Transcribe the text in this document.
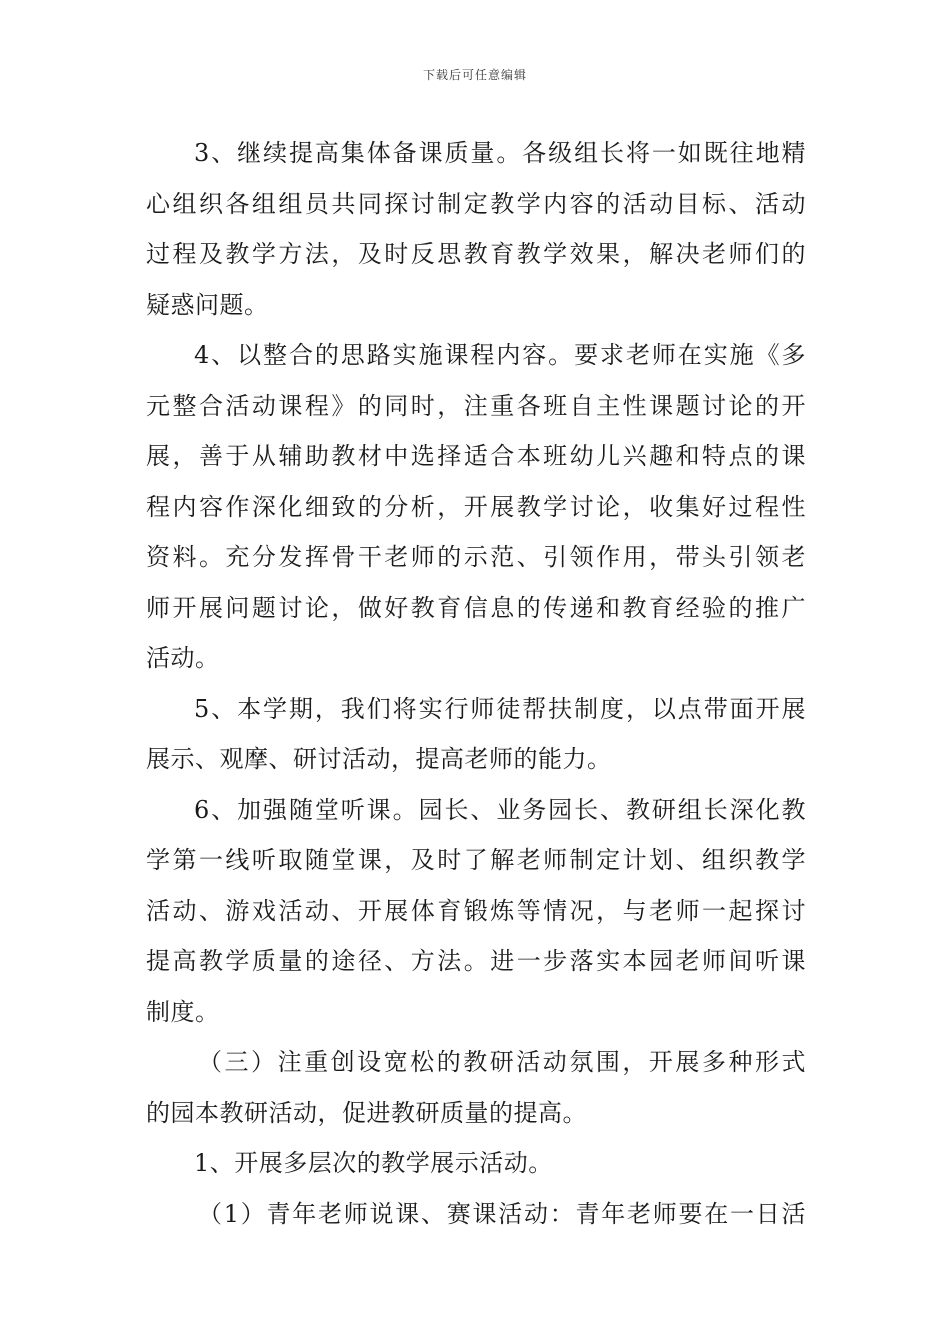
下载后可任意编辑
3、继续提高集体备课质量。各级组长将一如既往地精
心组织各组组员共同探讨制定教学内容的活动目标、活动
过程及教学方法，及时反思教育教学效果，解决老师们的
疑惑问题。
4、以整合的思路实施课程内容。要求老师在实施《多
元整合活动课程》的同时，注重各班自主性课题讨论的开
展，善于从辅助教材中选择适合本班幼儿兴趣和特点的课
程内容作深化细致的分析，开展教学讨论，收集好过程性
资料。充分发挥骨干老师的示范、引领作用，带头引领老
师开展问题讨论，做好教育信息的传递和教育经验的推广
活动。
5、本学期，我们将实行师徒帮扶制度，以点带面开展
展示、观摩、研讨活动，提高老师的能力。
6、加强随堂听课。园长、业务园长、教研组长深化教
学第一线听取随堂课，及时了解老师制定计划、组织教学
活动、游戏活动、开展体育锻炼等情况，与老师一起探讨
提高教学质量的途径、方法。进一步落实本园老师间听课
制度。
（三）注重创设宽松的教研活动氛围，开展多种形式
的园本教研活动，促进教研质量的提高。
1、开展多层次的教学展示活动。
（1）青年老师说课、赛课活动：青年老师要在一日活
